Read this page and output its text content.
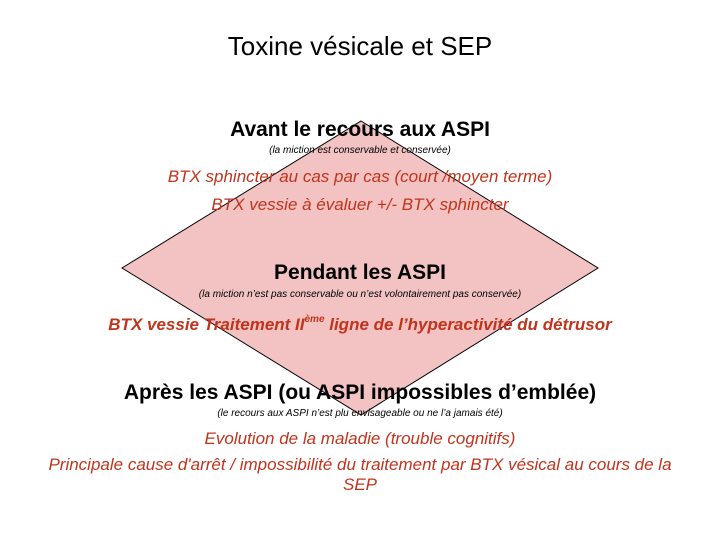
Toxine vésicale et SEP
Avant le recours aux ASPI
(la miction est conservable et conservée)
BTX sphincter au cas par cas (court /moyen terme)
BTX vessie à évaluer +/- BTX sphincter
Pendant les ASPI
(la miction n’est pas conservable ou n’est volontairement pas conservée)
BTX vessie Traitement IIème ligne de l’hyperactivité du détrusor
Après les ASPI (ou ASPI impossibles d’emblée)
(le recours aux ASPI n’est plu envisageable ou ne l’a jamais été)
Evolution de la maladie (trouble cognitifs)
Principale cause d'arrêt / impossibilité du traitement par BTX vésical au cours de la SEP
